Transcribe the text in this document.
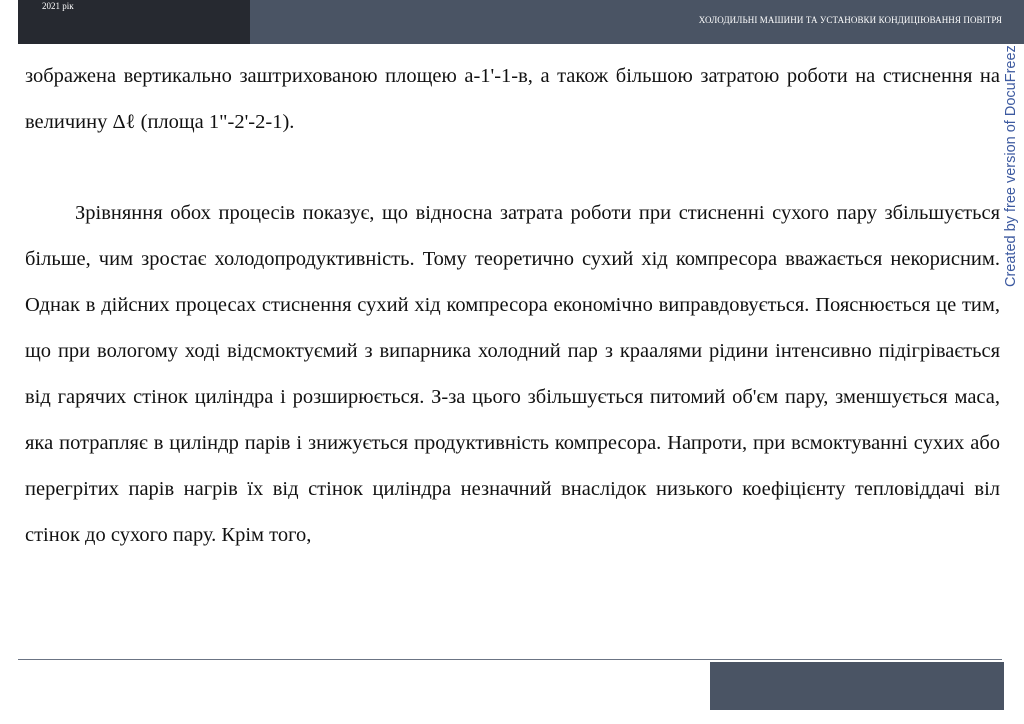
2021 рік
ХОЛОДИЛЬНІ МАШИНИ ТА УСТАНОВКИ КОНДИЦІЮВАННЯ ПОВІТРЯ
Created by free version of DocuFreez

зображена вертикально заштрихованою площею а-1'-1-в, а також більшою затратою роботи на стиснення на величину Δℓ (площа 1"-2'-2-1).

Зрівняння обох процесів показує, що відносна затрата роботи при стисненні сухого пару збільшується більше, чим зростає холодопродуктивність. Тому теоретично сухий хід компресора вважається некорисним. Однак в дійсних процесах стиснення сухий хід компресора економічно виправдовується. Пояснюється це тим, що при вологому ході відсмоктуємий з випарника холодний пар з краалями рідини інтенсивно підігрівається від гарячих стінок циліндра і розширюється. З-за цього збільшується питомий об'єм пару, зменшується маса, яка потрапляє в циліндр парів і знижується продуктивність компресора. Напроти, при всмоктуванні сухих або перегрітих парів нагрів їх від стінок циліндра незначний внаслідок низького коефіцієнту тепловіддачі віл стінок до сухого пару. Крім того,
